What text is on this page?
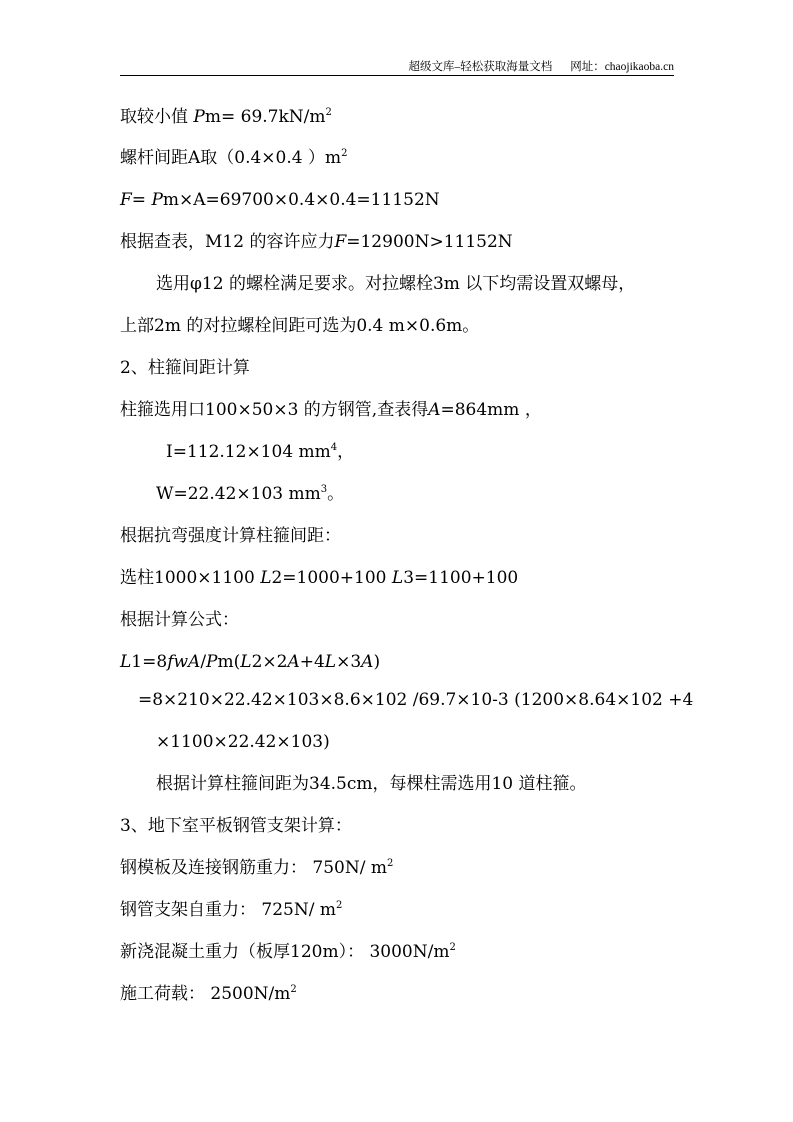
超级文库–轻松获取海量文档 网址：chaojikaoba.cn
取较小值 $Pm= 69.7kN/m^2$
螺杆间距A取（0.4×0.4 ）$m^2$
F= Pm×A=69700×0.4×0.4=11152N
根据查表，M12 的容许应力F=12900N>11152N
选用φ12 的螺栓满足要求。对拉螺栓3m 以下均需设置双螺母，
上部2m 的对拉螺栓间距可选为0.4 m×0.6m。
2、柱箍间距计算
柱箍选用口100×50×3 的方钢管,查表得A=864mm ，
I=112.12×104 $mm^4$，
W=22.42×103 $mm^3$。
根据抗弯强度计算柱箍间距：
选柱1000×1100 L2=1000+100 L3=1100+100
根据计算公式：
L1=8fwA/Pm(L2×2A+4L×3A)
=8×210×22.42×103×8.6×102 /69.7×10-3 (1200×8.64×102 +4
×1100×22.42×103)
根据计算柱箍间距为34.5cm，每棵柱需选用10 道柱箍。
3、地下室平板钢管支架计算：
钢模板及连接钢筋重力： 750N/ $m^2$
钢管支架自重力： 725N/ $m^2$
新浇混凝土重力（板厚120m）： $3000N/m^2$
施工荷载： $2500N/m^2$
